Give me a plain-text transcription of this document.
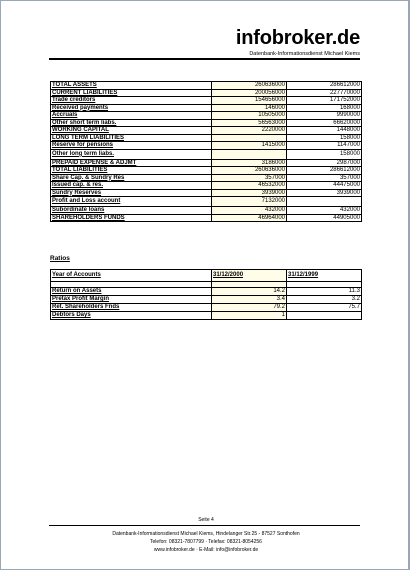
infobroker.de
Datenbank-Informationsdienst Michael Kiems
TOTAL ASSETS	260636000	286612000
CURRENT LIABILITIES	200056000	227770000
Trade creditors	154656000	171752000
Received payments	146000	168000
Accruals	10505000	9990000
Other short term liabs.	56563000	66620000
WORKING CAPITAL	2220000	1448000
LONG TERM LIABILITIES		158000
Reserve for pensions	1415000	1147000
Other long term liabs.		158000
PREPAID EXPENSE & ADJMT	3186000	2987000
TOTAL LIABILITIES	260636000	286612000
Share Cap. & Sundry Res	357000	357000
Issued cap. & res.	46532000	44475000
Sundry Reserves	3939000	3939000
Profit and Loss account	7132000	
Subordinate loans	432000	432000
SHAREHOLDERS FUNDS	46964000	44905000
Ratios
Year of Accounts	31/12/2000	31/12/1999

Return on Assets	14.2	11.3
Pretax Profit Margin	3.4	3.2
Ret. Shareholders Fnds	79.2	75.7
Debtors Days	1	
Seite 4
Datenbank-Informationsdienst Michael Kiems, Hindelanger Str.25 - 87527 Sonthofen
Telefon: 08321-7807799 · Telefax: 08321-8054256
www.infobroker.de · E-Mail: info@infobroker.de
